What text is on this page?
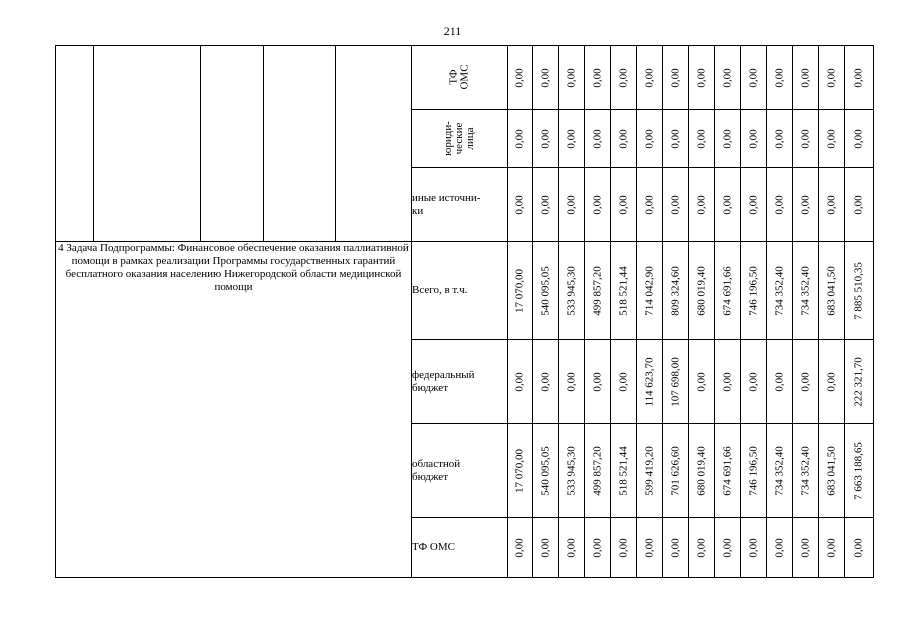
211
					ТФ
ОМС	0,00	0,00	0,00	0,00	0,00	0,00	0,00	0,00	0,00	0,00	0,00	0,00	0,00	0,00

					юриди-
ческие
лица	0,00	0,00	0,00	0,00	0,00	0,00	0,00	0,00	0,00	0,00	0,00	0,00	0,00	0,00

					иные источни-
ки	0,00	0,00	0,00	0,00	0,00	0,00	0,00	0,00	0,00	0,00	0,00	0,00	0,00	0,00

4 Задача Подпрограммы: Финансовое обеспечение оказания паллиативной помощи в рамках реализации Программы государственных гарантий бесплатного оказания населению Нижегородской области медицинской помощи					Всего, в т.ч.	17 070,00	540 095,05	533 945,30	499 857,20	518 521,44	714 042,90	809 324,60	680 019,40	674 691,66	746 196,50	734 352,40	734 352,40	683 041,50	7 885 510,35

					федеральный
бюджет	0,00	0,00	0,00	0,00	0,00	114 623,70	107 698,00	0,00	0,00	0,00	0,00	0,00	0,00	222 321,70

					областной
бюджет	17 070,00	540 095,05	533 945,30	499 857,20	518 521,44	599 419,20	701 626,60	680 019,40	674 691,66	746 196,50	734 352,40	734 352,40	683 041,50	7 663 188,65

					ТФ ОМС	0,00	0,00	0,00	0,00	0,00	0,00	0,00	0,00	0,00	0,00	0,00	0,00	0,00	0,00
